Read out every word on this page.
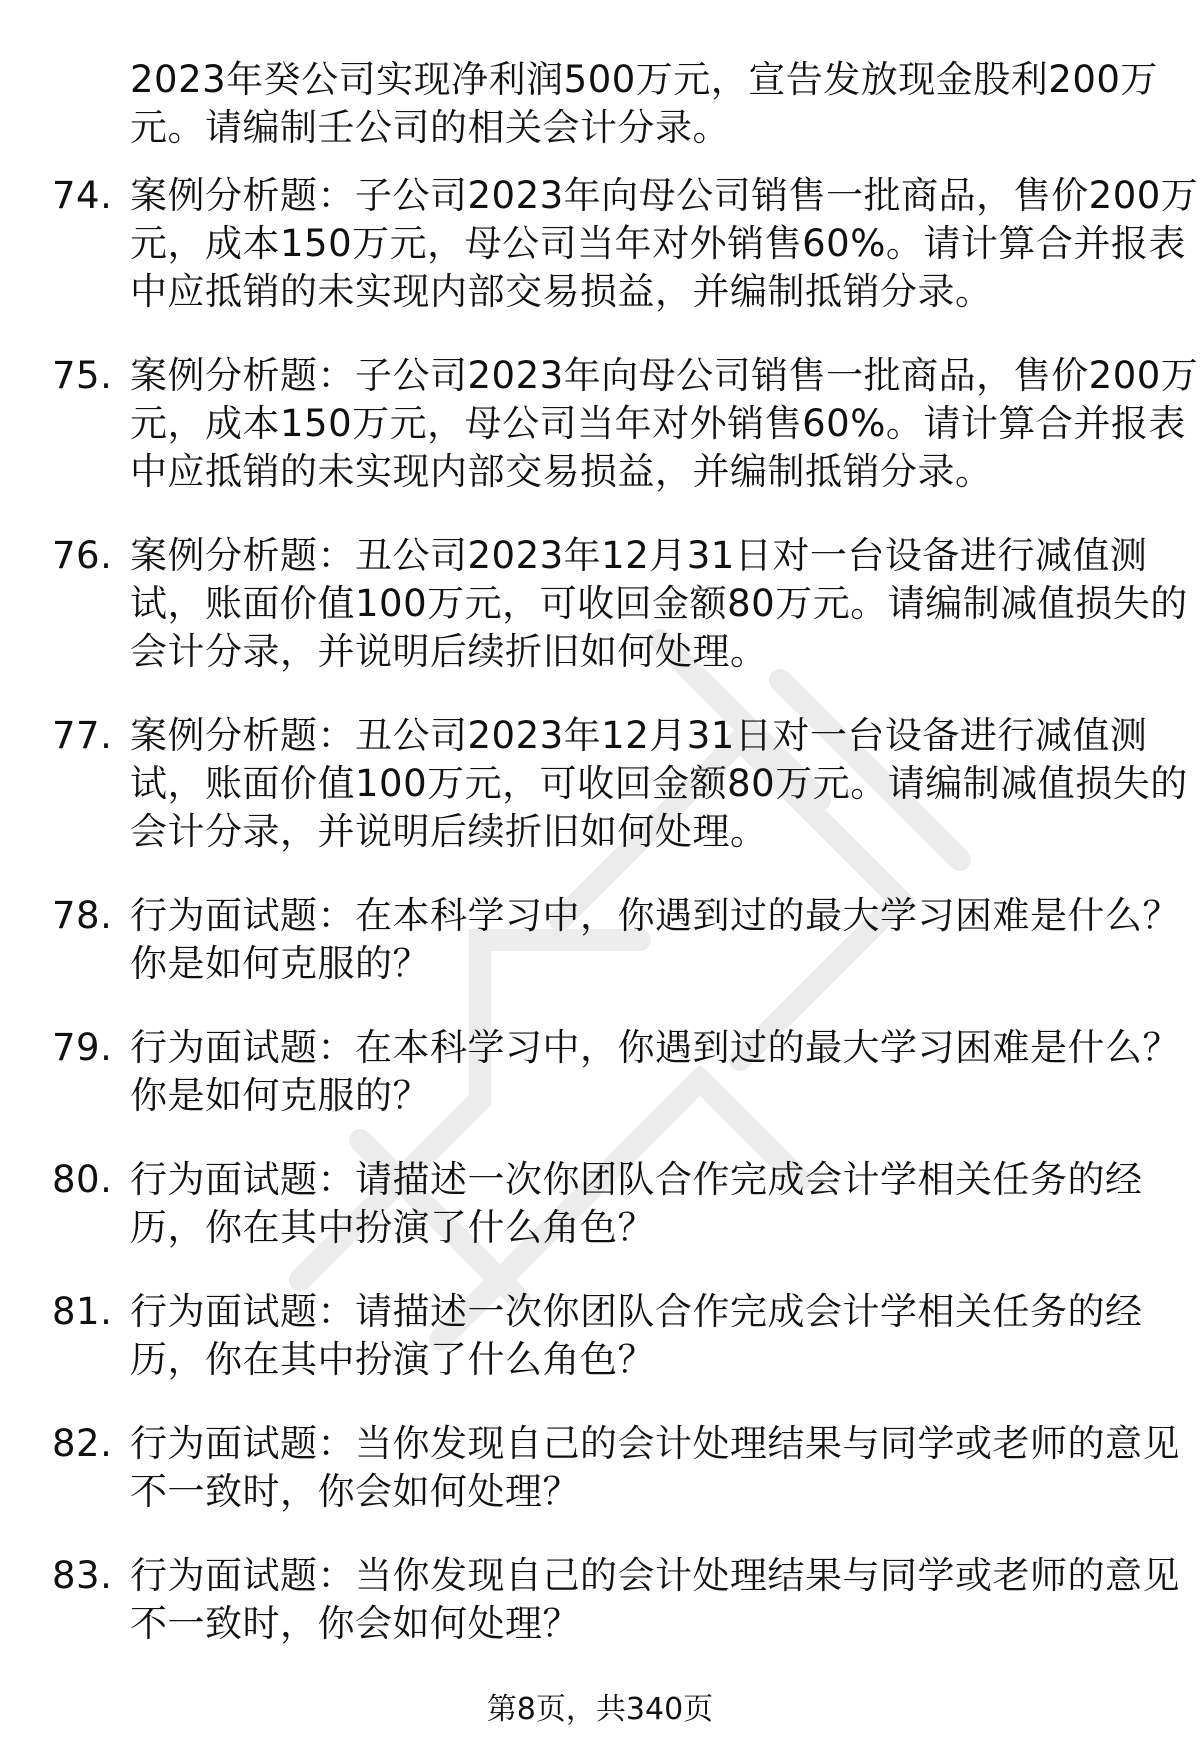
2023年癸公司实现净利润500万元，宣告发放现金股利200万
元。请编制壬公司的相关会计分录。
74. 案例分析题：子公司2023年向母公司销售一批商品，售价200万
元，成本150万元，母公司当年对外销售60%。请计算合并报表
中应抵销的未实现内部交易损益，并编制抵销分录。
75. 案例分析题：子公司2023年向母公司销售一批商品，售价200万
元，成本150万元，母公司当年对外销售60%。请计算合并报表
中应抵销的未实现内部交易损益，并编制抵销分录。
76. 案例分析题：丑公司2023年12月31日对一台设备进行减值测
试，账面价值100万元，可收回金额80万元。请编制减值损失的
会计分录，并说明后续折旧如何处理。
77. 案例分析题：丑公司2023年12月31日对一台设备进行减值测
试，账面价值100万元，可收回金额80万元。请编制减值损失的
会计分录，并说明后续折旧如何处理。
78. 行为面试题：在本科学习中，你遇到过的最大学习困难是什么？
你是如何克服的？
79. 行为面试题：在本科学习中，你遇到过的最大学习困难是什么？
你是如何克服的？
80. 行为面试题：请描述一次你团队合作完成会计学相关任务的经
历，你在其中扮演了什么角色？
81. 行为面试题：请描述一次你团队合作完成会计学相关任务的经
历，你在其中扮演了什么角色？
82. 行为面试题：当你发现自己的会计处理结果与同学或老师的意见
不一致时，你会如何处理？
83. 行为面试题：当你发现自己的会计处理结果与同学或老师的意见
不一致时，你会如何处理？
第8页，共340页
